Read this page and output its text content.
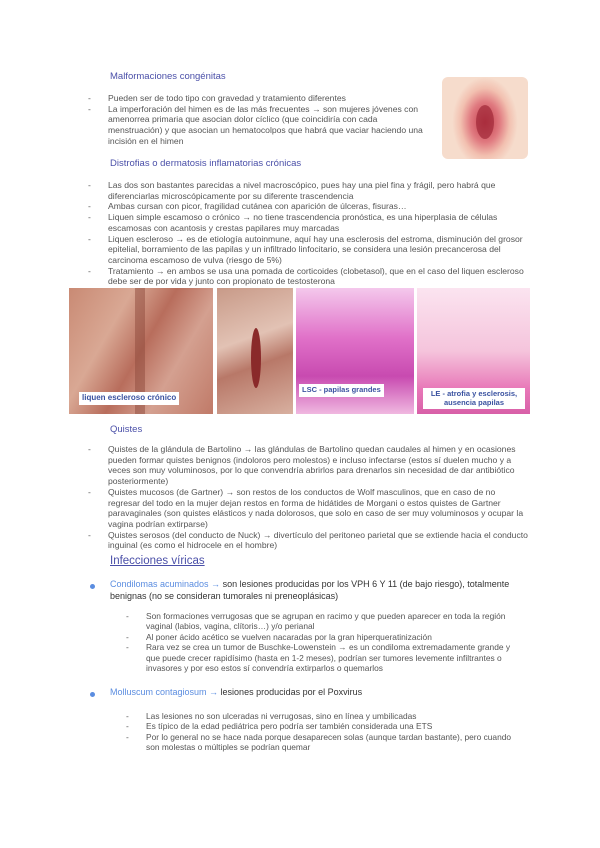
Malformaciones congénitas
- Pueden ser de todo tipo con gravedad y tratamiento diferentes
- La imperforación del himen es de las más frecuentes → son mujeres jóvenes con amenorrea primaria que asocian dolor cíclico (que coincidiría con cada menstruación) y que asocian un hematocolpos que habrá que vaciar haciendo una incisión en el himen
Distrofias o dermatosis inflamatorias crónicas
- Las dos son bastantes parecidas a nivel macroscópico, pues hay una piel fina y frágil, pero habrá que diferenciarlas microscópicamente por su diferente trascendencia
- Ambas cursan con picor, fragilidad cutánea con aparición de úlceras, fisuras…
- Liquen simple escamoso o crónico → no tiene trascendencia pronóstica, es una hiperplasia de células escamosas con acantosis y crestas papilares muy marcadas
- Liquen escleroso → es de etiología autoinmune, aquí hay una esclerosis del estroma, disminución del grosor epitelial, borramiento de las papilas y un infiltrado linfocitario, se considera una lesión precancerosa del carcinoma escamoso de vulva (riesgo de 5%)
- Tratamiento → en ambos se usa una pomada de corticoides (clobetasol), que en el caso del liquen escleroso debe ser de por vida y junto con propionato de testosterona
liquen escleroso crónico
LSC - papilas grandes	LE - atrofia y esclerosis, ausencia papilas
Quistes
- Quistes de la glándula de Bartolino → las glándulas de Bartolino quedan caudales al himen y en ocasiones pueden formar quistes benignos (indoloros pero molestos) e incluso infectarse (estos sí duelen mucho y a veces son muy voluminosos, por lo que convendría abrirlos para drenarlos sin necesidad de dar antibiótico posteriormente)
- Quistes mucosos (de Gartner) → son restos de los conductos de Wolf masculinos, que en caso de no regresar del todo en la mujer dejan restos en forma de hidátides de Morgani o estos quistes de Gartner paravaginales (son quistes elásticos y nada dolorosos, que solo en caso de ser muy voluminosos y ocupar la vagina podrían extirparse)
- Quistes serosos (del conducto de Nuck) → divertículo del peritoneo parietal que se extiende hacia el conducto inguinal (es como el hidrocele en el hombre)
Infecciones víricas
Condilomas acuminados → son lesiones producidas por los VPH 6 Y 11 (de bajo riesgo), totalmente benignas (no se consideran tumorales ni preneoplásicas)
- Son formaciones verrugosas que se agrupan en racimo y que pueden aparecer en toda la región vaginal (labios, vagina, clítoris…) y/o perianal
- Al poner ácido acético se vuelven nacaradas por la gran hiperqueratinización
- Rara vez se crea un tumor de Buschke-Lowenstein → es un condiloma extremadamente grande y que puede crecer rapidísimo (hasta en 1-2 meses), podrían ser tumores levemente infiltrantes o invasores y por eso estos sí convendría extirparlos o quemarlos
Molluscum contagiosum → lesiones producidas por el Poxvirus
- Las lesiones no son ulceradas ni verrugosas, sino en línea y umbilicadas
- Es típico de la edad pediátrica pero podría ser también considerada una ETS
- Por lo general no se hace nada porque desaparecen solas (aunque tardan bastante), pero cuando son molestas o múltiples se podrían quemar
